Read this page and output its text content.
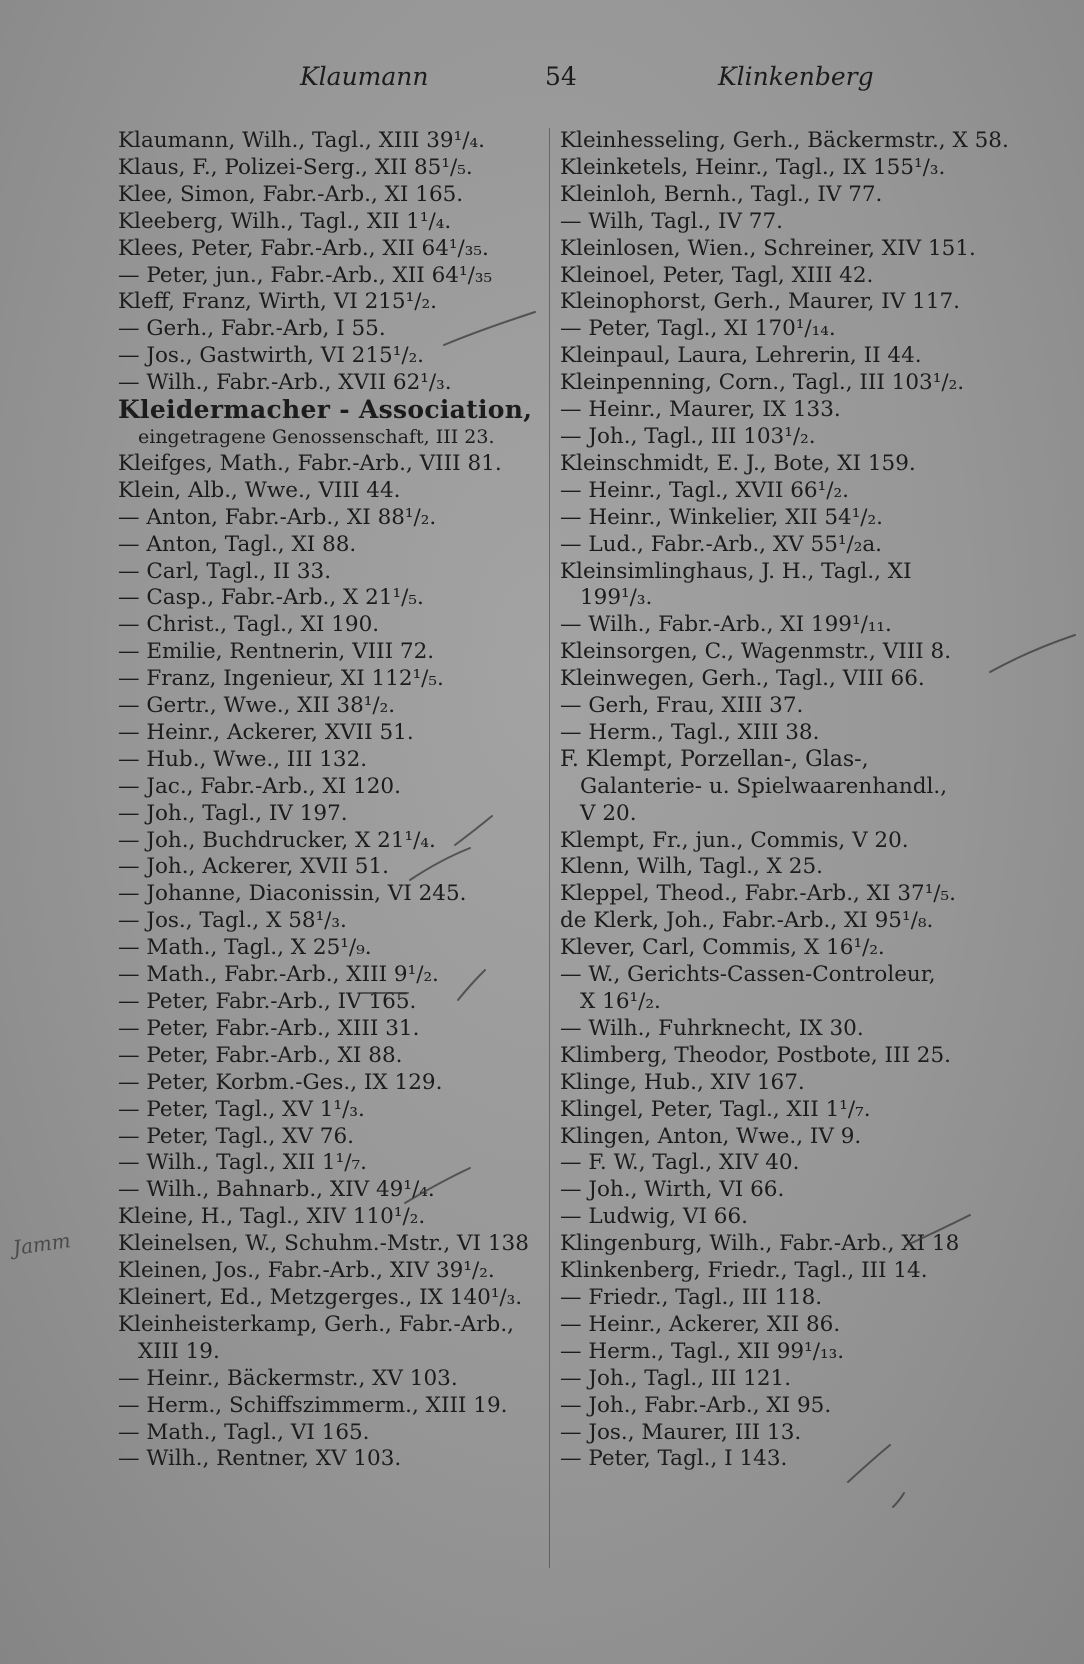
Klaumann	54	Klinkenberg
Klaumann, Wilh., Tagl., XIII 39¹/₄.
Klaus, F., Polizei-Serg., XII 85¹/₅.
Klee, Simon, Fabr.-Arb., XI 165.
Kleeberg, Wilh., Tagl., XII 1¹/₄.
Klees, Peter, Fabr.-Arb., XII 64¹/₃₅.
— Peter, jun., Fabr.-Arb., XII 64¹/₃₅
Kleff, Franz, Wirth, VI 215¹/₂.
— Gerh., Fabr.-Arb, I 55.
— Jos., Gastwirth, VI 215¹/₂.
— Wilh., Fabr.-Arb., XVII 62¹/₃.
Kleidermacher - Association,
eingetragene Genossenschaft, III 23.
Kleifges, Math., Fabr.-Arb., VIII 81.
Klein, Alb., Wwe., VIII 44.
— Anton, Fabr.-Arb., XI 88¹/₂.
— Anton, Tagl., XI 88.
— Carl, Tagl., II 33.
— Casp., Fabr.-Arb., X 21¹/₅.
— Christ., Tagl., XI 190.
— Emilie, Rentnerin, VIII 72.
— Franz, Ingenieur, XI 112¹/₅.
— Gertr., Wwe., XII 38¹/₂.
— Heinr., Ackerer, XVII 51.
— Hub., Wwe., III 132.
— Jac., Fabr.-Arb., XI 120.
— Joh., Tagl., IV 197.
— Joh., Buchdrucker, X 21¹/₄.
— Joh., Ackerer, XVII 51.
— Johanne, Diaconissin, VI 245.
— Jos., Tagl., X 58¹/₃.
— Math., Tagl., X 25¹/₉.
— Math., Fabr.-Arb., XIII 9¹/₂.
— Peter, Fabr.-Arb., IV 165.
— Peter, Fabr.-Arb., XIII 31.
— Peter, Fabr.-Arb., XI 88.
— Peter, Korbm.-Ges., IX 129.
— Peter, Tagl., XV 1¹/₃.
— Peter, Tagl., XV 76.
— Wilh., Tagl., XII 1¹/₇.
— Wilh., Bahnarb., XIV 49¹/₄.
Kleine, H., Tagl., XIV 110¹/₂.
Kleinelsen, W., Schuhm.-Mstr., VI 138
Kleinen, Jos., Fabr.-Arb., XIV 39¹/₂.
Kleinert, Ed., Metzgerges., IX 140¹/₃.
Kleinheisterkamp, Gerh., Fabr.-Arb.,
XIII 19.
— Heinr., Bäckermstr., XV 103.
— Herm., Schiffszimmerm., XIII 19.
— Math., Tagl., VI 165.
— Wilh., Rentner, XV 103.
Kleinhesseling, Gerh., Bäckermstr., X 58.
Kleinketels, Heinr., Tagl., IX 155¹/₃.
Kleinloh, Bernh., Tagl., IV 77.
— Wilh, Tagl., IV 77.
Kleinlosen, Wien., Schreiner, XIV 151.
Kleinoel, Peter, Tagl, XIII 42.
Kleinophorst, Gerh., Maurer, IV 117.
— Peter, Tagl., XI 170¹/₁₄.
Kleinpaul, Laura, Lehrerin, II 44.
Kleinpenning, Corn., Tagl., III 103¹/₂.
— Heinr., Maurer, IX 133.
— Joh., Tagl., III 103¹/₂.
Kleinschmidt, E. J., Bote, XI 159.
— Heinr., Tagl., XVII 66¹/₂.
— Heinr., Winkelier, XII 54¹/₂.
— Lud., Fabr.-Arb., XV 55¹/₂a.
Kleinsimlinghaus, J. H., Tagl., XI
199¹/₃.
— Wilh., Fabr.-Arb., XI 199¹/₁₁.
Kleinsorgen, C., Wagenmstr., VIII 8.
Kleinwegen, Gerh., Tagl., VIII 66.
— Gerh, Frau, XIII 37.
— Herm., Tagl., XIII 38.
F. Klempt, Porzellan-, Glas-,
Galanterie- u. Spielwaarenhandl.,
V 20.
Klempt, Fr., jun., Commis, V 20.
Klenn, Wilh, Tagl., X 25.
Kleppel, Theod., Fabr.-Arb., XI 37¹/₅.
de Klerk, Joh., Fabr.-Arb., XI 95¹/₈.
Klever, Carl, Commis, X 16¹/₂.
— W., Gerichts-Cassen-Controleur,
X 16¹/₂.
— Wilh., Fuhrknecht, IX 30.
Klimberg, Theodor, Postbote, III 25.
Klinge, Hub., XIV 167.
Klingel, Peter, Tagl., XII 1¹/₇.
Klingen, Anton, Wwe., IV 9.
— F. W., Tagl., XIV 40.
— Joh., Wirth, VI 66.
— Ludwig, VI 66.
Klingenburg, Wilh., Fabr.-Arb., XI 18
Klinkenberg, Friedr., Tagl., III 14.
— Friedr., Tagl., III 118.
— Heinr., Ackerer, XII 86.
— Herm., Tagl., XII 99¹/₁₃.
— Joh., Tagl., III 121.
— Joh., Fabr.-Arb., XI 95.
— Jos., Maurer, III 13.
— Peter, Tagl., I 143.
Jamm
